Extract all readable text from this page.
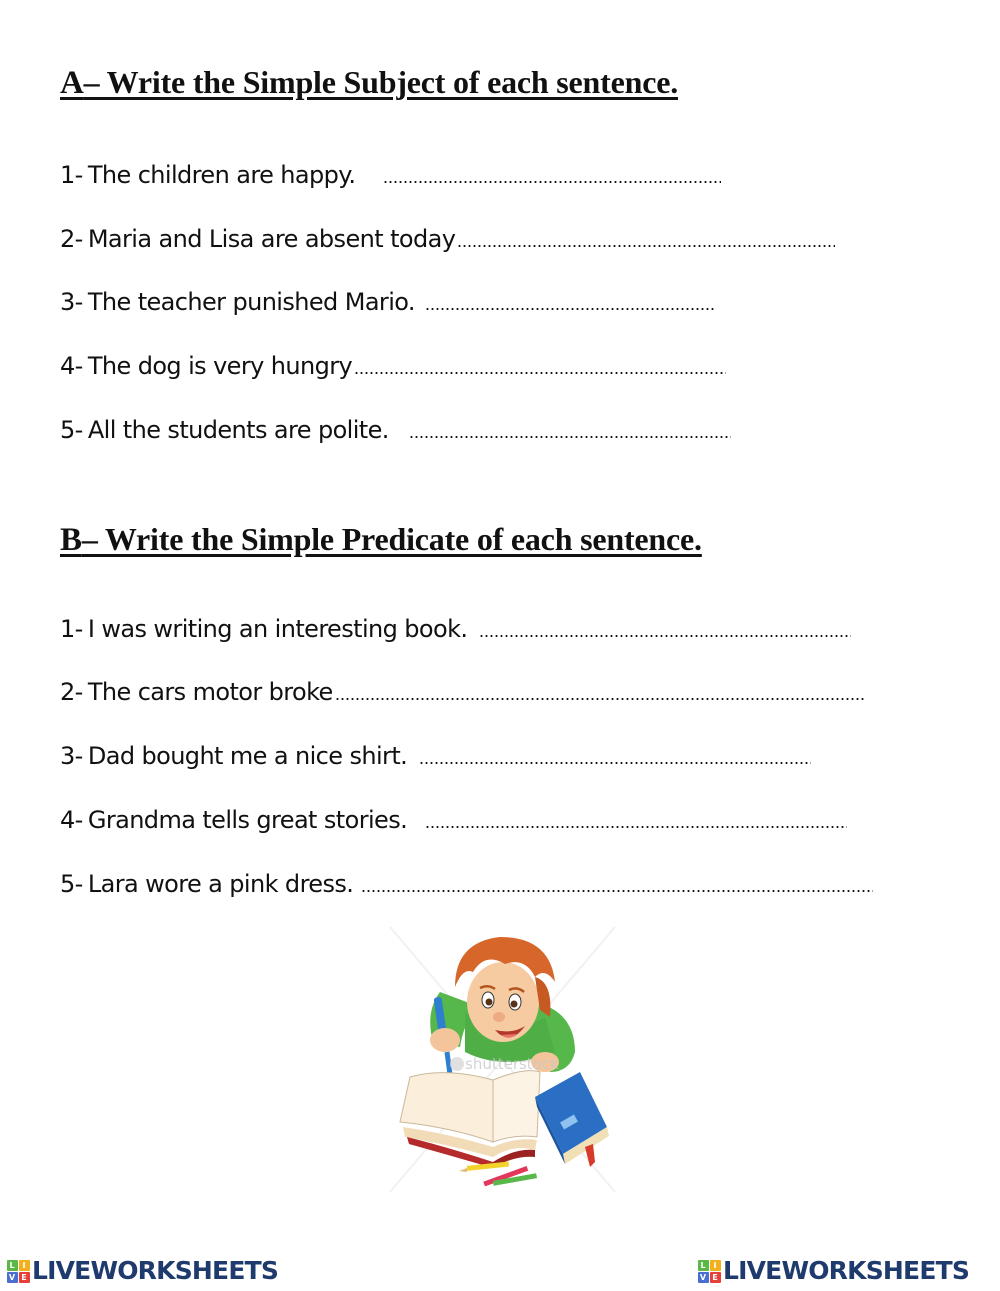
A– Write the Simple Subject of each sentence.
1-
The children are happy.
2-
Maria and Lisa are absent today
3-
The teacher punished Mario.
4-
The dog is very hungry
5-
All the students are polite.
B– Write the Simple Predicate of each sentence.
1-
I was writing an interesting book.
2-
The cars motor broke
3-
Dad bought me a nice shirt.
4-
Grandma tells great stories.
5-
Lara wore a pink dress.
shutterstock
L I
V E LIVEWORKSHEETS	L I
V E LIVEWORKSHEETS
